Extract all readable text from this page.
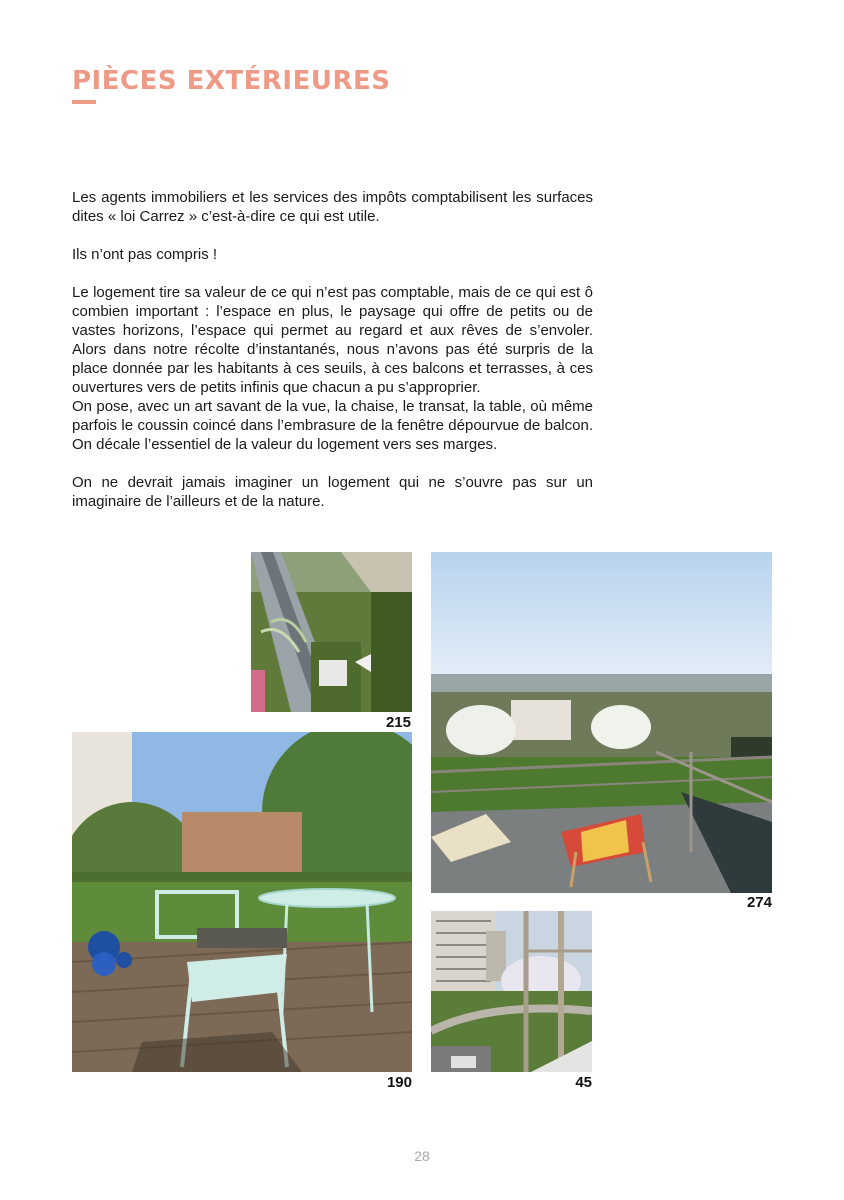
PIÈCES EXTÉRIEURES

Les agents immobiliers et les services des impôts comptabilisent les surfaces dites « loi Carrez » c’est-à-dire ce qui est utile.

Ils n’ont pas compris !

Le logement tire sa valeur de ce qui n’est pas comptable, mais de ce qui est ô combien important : l’espace en plus, le paysage qui offre de petits ou de vastes horizons, l’espace qui permet au regard et aux rêves de s’envoler. Alors dans notre récolte d’instantanés, nous n’avons pas été surpris de la place donnée par les habitants à ces seuils, à ces balcons et terrasses, à ces ouvertures vers de petits infinis que chacun a pu s’approprier.

On pose, avec un art savant de la vue, la chaise, le transat, la table, où même parfois le coussin coincé dans l’embrasure de la fenêtre dépourvue de balcon. On décale l’essentiel de la valeur du logement vers ses marges.

On ne devrait jamais imaginer un logement qui ne s’ouvre pas sur un imaginaire de l’ailleurs et de la nature.

215
274
190	45
28
